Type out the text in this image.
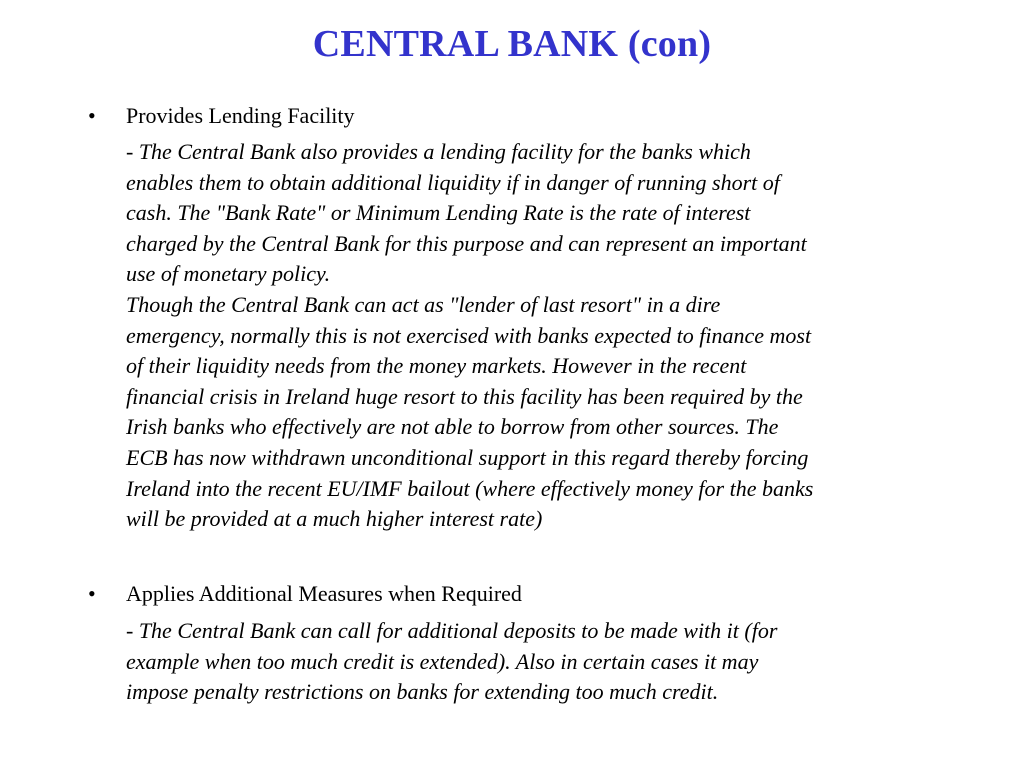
CENTRAL BANK (con)
• Provides Lending Facility
- The Central Bank also provides a lending facility for the banks which
enables them to obtain additional liquidity if in danger of running short of
cash. The "Bank Rate" or Minimum Lending Rate is the rate of interest
charged by the Central Bank for this purpose and can represent an important
use of monetary policy.
Though the Central Bank can act as "lender of last resort" in a dire
emergency, normally this is not exercised with banks expected to finance most
of their liquidity needs from the money markets. However in the recent
financial crisis in Ireland huge resort to this facility has been required by the
Irish banks who effectively are not able to borrow from other sources. The
ECB has now withdrawn unconditional support in this regard thereby forcing
Ireland into the recent EU/IMF bailout (where effectively money for the banks
will be provided at a much higher interest rate)
• Applies Additional Measures when Required
- The Central Bank can call for additional deposits to be made with it (for
example when too much credit is extended). Also in certain cases it may
impose penalty restrictions on banks for extending too much credit.
